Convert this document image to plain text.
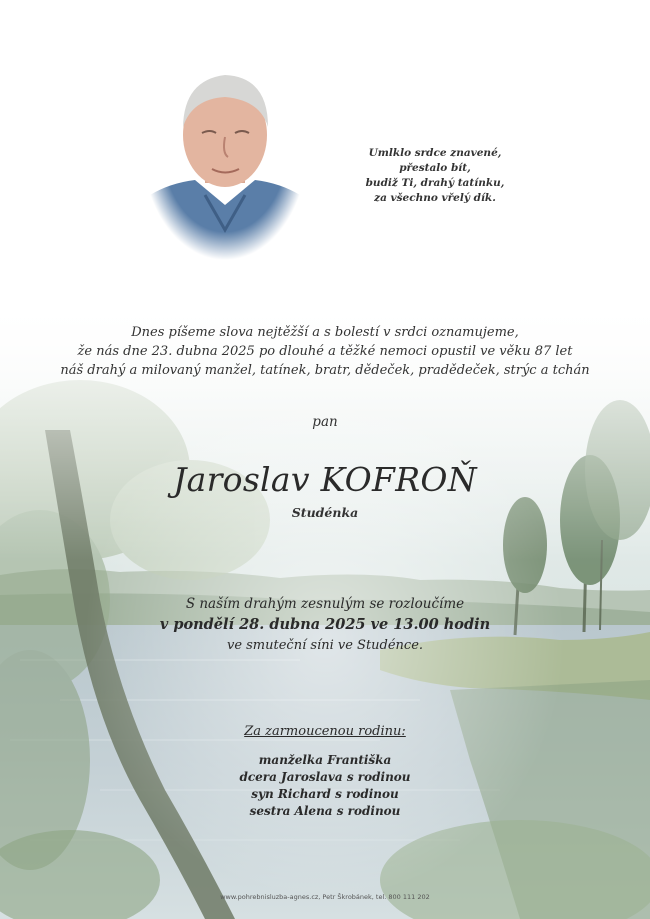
Umlklo srdce znavené,
přestalo bít,
budiž Ti, drahý tatínku,
za všechno vřelý dík.
Dnes píšeme slova nejtěžší a s bolestí v srdci oznamujeme,
že nás dne 23. dubna 2025 po dlouhé a těžké nemoci opustil ve věku 87 let
náš drahý a milovaný manžel, tatínek, bratr, dědeček, pradědeček, strýc a tchán
pan
Jaroslav KOFROŇ
Studénka
S naším drahým zesnulým se rozloučíme
v pondělí 28. dubna 2025 ve 13.00 hodin
ve smuteční síni ve Studénce.
Za zarmoucenou rodinu:
manželka Františka
dcera Jaroslava s rodinou
syn Richard s rodinou
sestra Alena s rodinou
www.pohrebnisluzba-agnes.cz, Petr Škrobánek, tel. 800 111 202
